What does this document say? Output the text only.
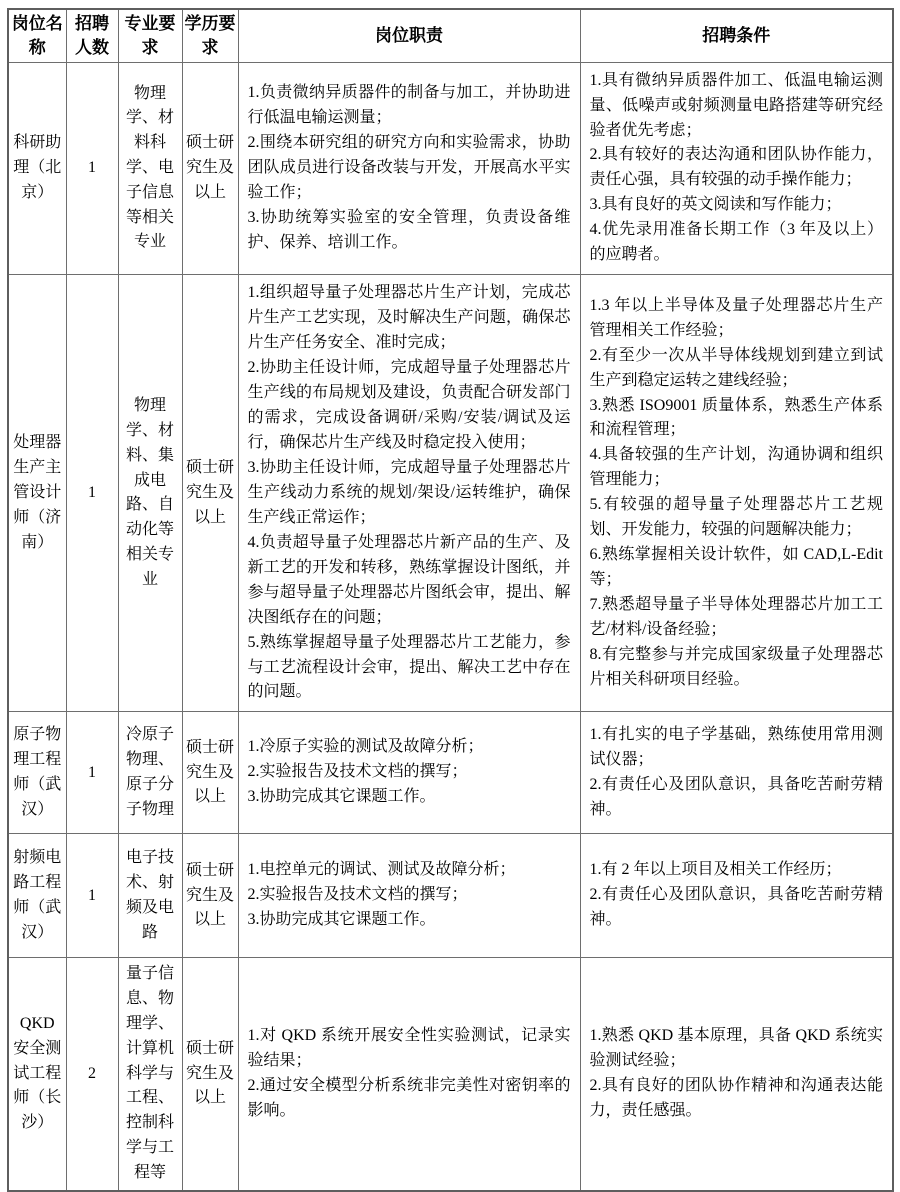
岗位名称	招聘人数	专业要求	学历要求	岗位职责	招聘条件
科研助理（北京）	1	物理学、材料科学、电子信息等相关专业	硕士研究生及以上	
1.负责微纳异质器件的制备与加工，并协助进行低温电输运测量；
2.围绕本研究组的研究方向和实验需求，协助团队成员进行设备改装与开发，开展高水平实验工作；
3.协助统筹实验室的安全管理，负责设备维护、保养、培训工作。

1.具有微纳异质器件加工、低温电输运测量、低噪声或射频测量电路搭建等研究经验者优先考虑；
2.具有较好的表达沟通和团队协作能力，责任心强，具有较强的动手操作能力；
3.具有良好的英文阅读和写作能力；
4.优先录用准备长期工作（3 年及以上）的应聘者。

处理器生产主管设计师（济南）	1	物理学、材料、集成电路、自动化等相关专业	硕士研究生及以上	
1.组织超导量子处理器芯片生产计划，完成芯片生产工艺实现，及时解决生产问题，确保芯片生产任务安全、准时完成；
2.协助主任设计师，完成超导量子处理器芯片生产线的布局规划及建设，负责配合研发部门的需求，完成设备调研/采购/安装/调试及运行，确保芯片生产线及时稳定投入使用；
3.协助主任设计师，完成超导量子处理器芯片生产线动力系统的规划/架设/运转维护，确保生产线正常运作；
4.负责超导量子处理器芯片新产品的生产、及新工艺的开发和转移，熟练掌握设计图纸，并参与超导量子处理器芯片图纸会审，提出、解决图纸存在的问题；
5.熟练掌握超导量子处理器芯片工艺能力，参与工艺流程设计会审，提出、解决工艺中存在的问题。

1.3 年以上半导体及量子处理器芯片生产管理相关工作经验；
2.有至少一次从半导体线规划到建立到试生产到稳定运转之建线经验；
3.熟悉 ISO9001 质量体系，熟悉生产体系和流程管理；
4.具备较强的生产计划，沟通协调和组织管理能力；
5.有较强的超导量子处理器芯片工艺规划、开发能力，较强的问题解决能力；
6.熟练掌握相关设计软件，如 CAD,L-Edit 等；
7.熟悉超导量子半导体处理器芯片加工工艺/材料/设备经验；
8.有完整参与并完成国家级量子处理器芯片相关科研项目经验。

原子物理工程师（武汉）	1	冷原子物理、原子分子物理	硕士研究生及以上	
1.冷原子实验的测试及故障分析；
2.实验报告及技术文档的撰写；
3.协助完成其它课题工作。

1.有扎实的电子学基础，熟练使用常用测试仪器；
2.有责任心及团队意识，具备吃苦耐劳精神。

射频电路工程师（武汉）	1	电子技术、射频及电路	硕士研究生及以上	
1.电控单元的调试、测试及故障分析；
2.实验报告及技术文档的撰写；
3.协助完成其它课题工作。

1.有 2 年以上项目及相关工作经历；
2.有责任心及团队意识，具备吃苦耐劳精神。

QKD 安全测试工程师（长沙）	2	量子信息、物理学、计算机科学与工程、控制科学与工程等	硕士研究生及以上	
1.对 QKD 系统开展安全性实验测试，记录实验结果；
2.通过安全模型分析系统非完美性对密钥率的影响。

1.熟悉 QKD 基本原理，具备 QKD 系统实验测试经验；
2.具有良好的团队协作精神和沟通表达能力，责任感强。
